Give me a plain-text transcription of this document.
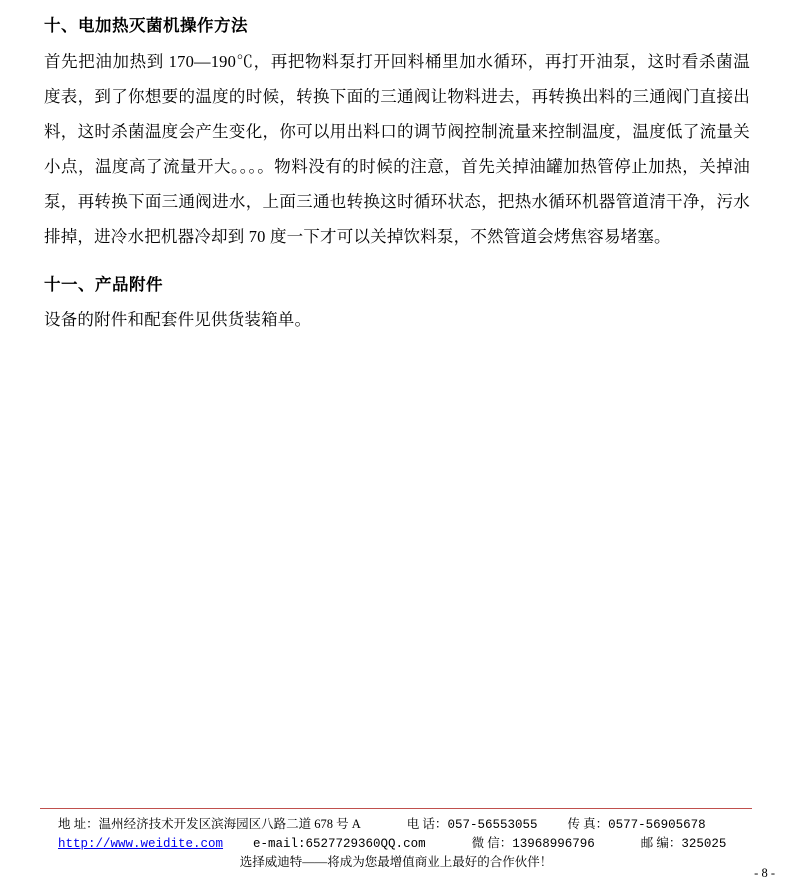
十、电加热灭菌机操作方法

首先把油加热到 170—190℃，再把物料泵打开回料桶里加水循环，再打开油泵，这时看杀菌温度表，到了你想要的温度的时候，转换下面的三通阀让物料进去，再转换出料的三通阀门直接出料，这时杀菌温度会产生变化，你可以用出料口的调节阀控制流量来控制温度，温度低了流量关小点，温度高了流量开大。。。。物料没有的时候的注意，首先关掉油罐加热管停止加热，关掉油泵，再转换下面三通阀进水，上面三通也转换这时循环状态，把热水循环机器管道清干净，污水排掉，进冷水把机器冷却到 70 度一下才可以关掉饮料泵，不然管道会烤焦容易堵塞。

十一、产品附件

设备的附件和配套件见供货装箱单。

地 址：温州经济技术开发区滨海园区八路二道 678 号 A	电 话：057-56553055 传 真：0577-56905678
http://www.weidite.com e-mail:6527729360QQ.com	微 信：13968996796	邮 编：325025
选择威迪特——将成为您最增值商业上最好的合作伙伴！
- 8 -
